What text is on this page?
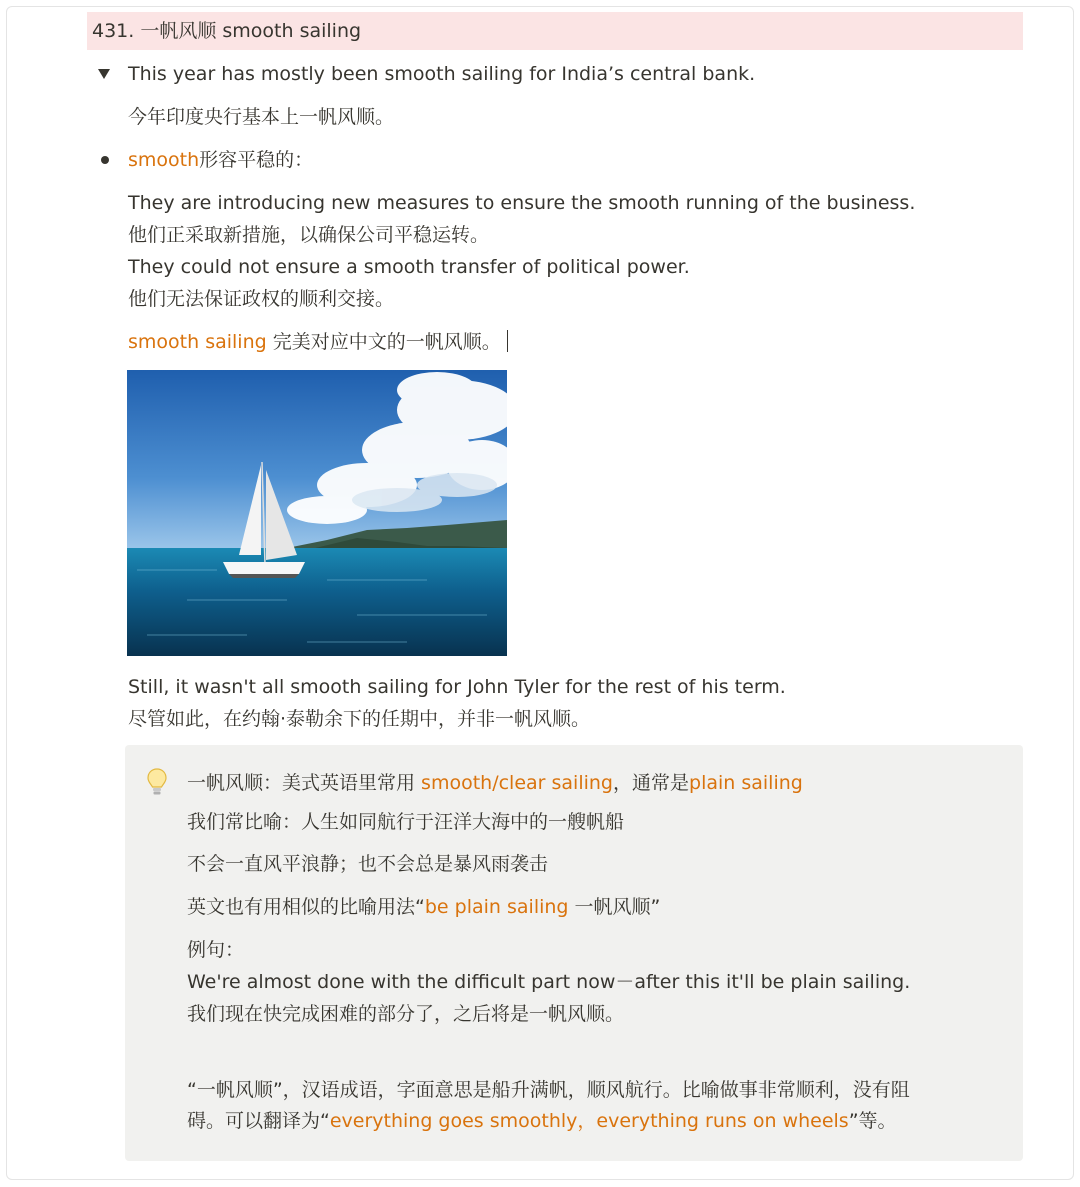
431. 一帆风顺 smooth sailing
This year has mostly been smooth sailing for India’s central bank.
今年印度央行基本上一帆风顺。
smooth形容平稳的：
They are introducing new measures to ensure the smooth running of the business.
他们正采取新措施，以确保公司平稳运转。
They could not ensure a smooth transfer of political power.
他们无法保证政权的顺利交接。
smooth sailing 完美对应中文的一帆风顺。
Still, it wasn't all smooth sailing for John Tyler for the rest of his term.
尽管如此，在约翰·泰勒余下的任期中，并非一帆风顺。
一帆风顺：美式英语里常用 smooth/clear sailing，通常是plain sailing
我们常比喻：人生如同航行于汪洋大海中的一艘帆船
不会一直风平浪静；也不会总是暴风雨袭击
英文也有用相似的比喻用法“be plain sailing 一帆风顺”
例句：
We're almost done with the difficult part now－after this it'll be plain sailing.
我们现在快完成困难的部分了，之后将是一帆风顺。
“一帆风顺”，汉语成语，字面意思是船升满帆，顺风航行。比喻做事非常顺利，没有阻
碍。可以翻译为“everything goes smoothly，everything runs on wheels”等。
